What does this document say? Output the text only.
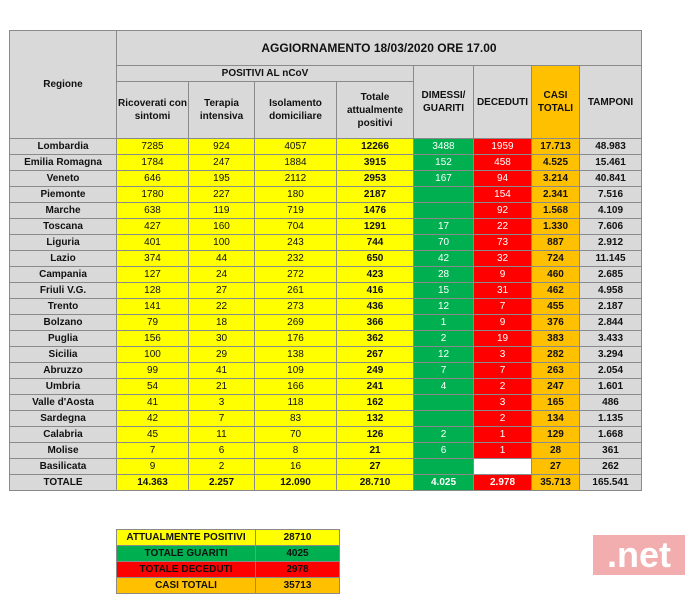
Regione	AGGIORNAMENTO 18/03/2020 ORE 17.00							
	POSITIVI AL nCoV				DIMESSI/ GUARITI	DECEDUTI	CASI TOTALI	TAMPONI
	Ricoverati con sintomi	Terapia intensiva	Isolamento domiciliare	Totale attualmente positivi				
Lombardia	7285	924	4057	12266	3488	1959	17.713	48.983
Emilia Romagna	1784	247	1884	3915	152	458	4.525	15.461
Veneto	646	195	2112	2953	167	94	3.214	40.841
Piemonte	1780	227	180	2187		154	2.341	7.516
Marche	638	119	719	1476		92	1.568	4.109
Toscana	427	160	704	1291	17	22	1.330	7.606
Liguria	401	100	243	744	70	73	887	2.912
Lazio	374	44	232	650	42	32	724	11.145
Campania	127	24	272	423	28	9	460	2.685
Friuli V.G.	128	27	261	416	15	31	462	4.958
Trento	141	22	273	436	12	7	455	2.187
Bolzano	79	18	269	366	1	9	376	2.844
Puglia	156	30	176	362	2	19	383	3.433
Sicilia	100	29	138	267	12	3	282	3.294
Abruzzo	99	41	109	249	7	7	263	2.054
Umbria	54	21	166	241	4	2	247	1.601
Valle d'Aosta	41	3	118	162		3	165	486
Sardegna	42	7	83	132		2	134	1.135
Calabria	45	11	70	126	2	1	129	1.668
Molise	7	6	8	21	6	1	28	361
Basilicata	9	2	16	27			27	262
TOTALE	14.363	2.257	12.090	28.710	4.025	2.978	35.713	165.541
ATTUALMENTE POSITIVI	28710
TOTALE GUARITI	4025
TOTALE DECEDUTI	2978
CASI TOTALI	35713
.net
